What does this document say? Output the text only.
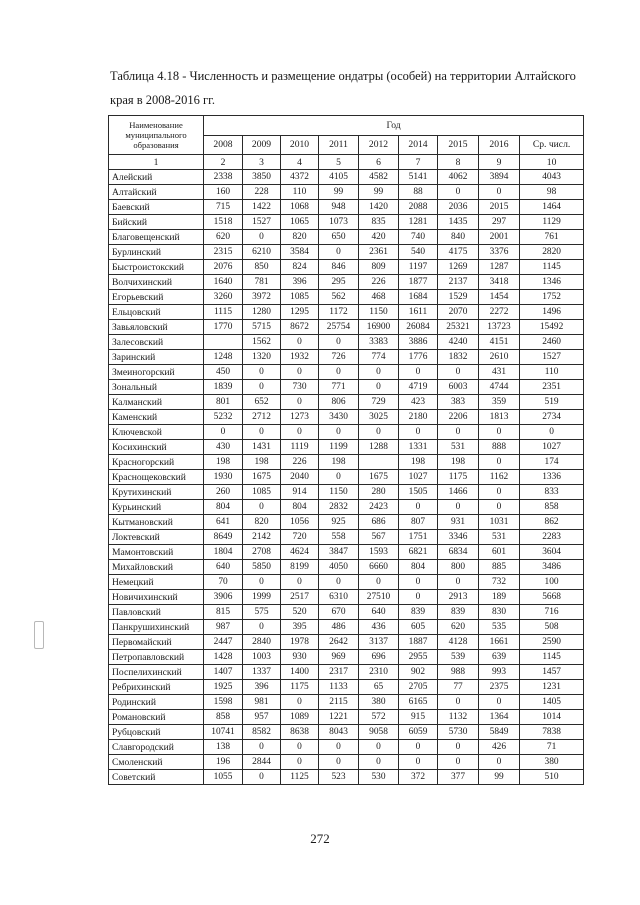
Таблица 4.18 - Численность и размещение ондатры (особей) на территории Алтайского
края в 2008-2016 гг.
Наименование муниципального образования	Год								
	2008	2009	2010	2011	2012	2014	2015	2016	Ср. числ.
1	2	3	4	5	6	7	8	9	10
Алейский	2338	3850	4372	4105	4582	5141	4062	3894	4043
Алтайский	160	228	110	99	99	88	0	0	98
Баевский	715	1422	1068	948	1420	2088	2036	2015	1464
Бийский	1518	1527	1065	1073	835	1281	1435	297	1129
Благовещенский	620	0	820	650	420	740	840	2001	761
Бурлинский	2315	6210	3584	0	2361	540	4175	3376	2820
Быстроистокский	2076	850	824	846	809	1197	1269	1287	1145
Волчихинский	1640	781	396	295	226	1877	2137	3418	1346
Егорьевский	3260	3972	1085	562	468	1684	1529	1454	1752
Ельцовский	1115	1280	1295	1172	1150	1611	2070	2272	1496
Завьяловский	1770	5715	8672	25754	16900	26084	25321	13723	15492
Залесовский		1562	0	0	3383	3886	4240	4151	2460
Заринский	1248	1320	1932	726	774	1776	1832	2610	1527
Змеиногорский	450	0	0	0	0	0	0	431	110
Зональный	1839	0	730	771	0	4719	6003	4744	2351
Калманский	801	652	0	806	729	423	383	359	519
Каменский	5232	2712	1273	3430	3025	2180	2206	1813	2734
Ключевской	0	0	0	0	0	0	0	0	0
Косихинский	430	1431	1119	1199	1288	1331	531	888	1027
Красногорский	198	198	226	198		198	198	0	174
Краснощековский	1930	1675	2040	0	1675	1027	1175	1162	1336
Крутихинский	260	1085	914	1150	280	1505	1466	0	833
Курьинский	804	0	804	2832	2423	0	0	0	858
Кытмановский	641	820	1056	925	686	807	931	1031	862
Локтевский	8649	2142	720	558	567	1751	3346	531	2283
Мамонтовский	1804	2708	4624	3847	1593	6821	6834	601	3604
Михайловский	640	5850	8199	4050	6660	804	800	885	3486
Немецкий	70	0	0	0	0	0	0	732	100
Новичихинский	3906	1999	2517	6310	27510	0	2913	189	5668
Павловский	815	575	520	670	640	839	839	830	716
Панкрушихинский	987	0	395	486	436	605	620	535	508
Первомайский	2447	2840	1978	2642	3137	1887	4128	1661	2590
Петропавловский	1428	1003	930	969	696	2955	539	639	1145
Поспелихинский	1407	1337	1400	2317	2310	902	988	993	1457
Ребрихинский	1925	396	1175	1133	65	2705	77	2375	1231
Родинский	1598	981	0	2115	380	6165	0	0	1405
Романовский	858	957	1089	1221	572	915	1132	1364	1014
Рубцовский	10741	8582	8638	8043	9058	6059	5730	5849	7838
Славгородский	138	0	0	0	0	0	0	426	71
Смоленский	196	2844	0	0	0	0	0	0	380
Советский	1055	0	1125	523	530	372	377	99	510
272
